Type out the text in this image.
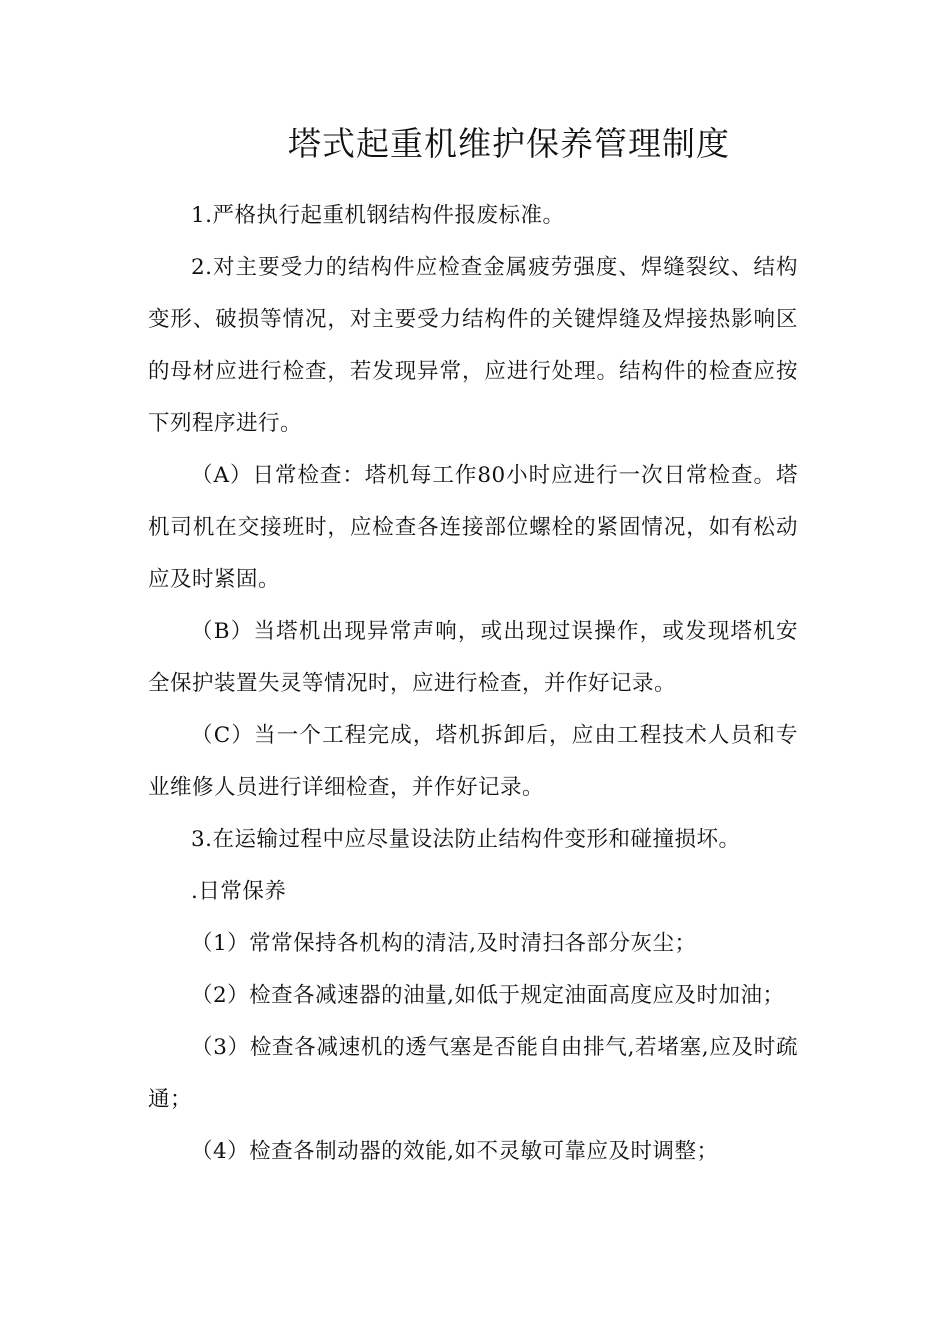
塔式起重机维护保养管理制度

1.严格执行起重机钢结构件报废标准。

2.对主要受力的结构件应检查金属疲劳强度、焊缝裂纹、结构变形、破损等情况，对主要受力结构件的关键焊缝及焊接热影响区的母材应进行检查，若发现异常，应进行处理。结构件的检查应按下列程序进行。

（A）日常检查：塔机每工作80小时应进行一次日常检查。塔机司机在交接班时，应检查各连接部位螺栓的紧固情况，如有松动应及时紧固。

（B）当塔机出现异常声响，或出现过误操作，或发现塔机安全保护装置失灵等情况时，应进行检查，并作好记录。

（C）当一个工程完成，塔机拆卸后，应由工程技术人员和专业维修人员进行详细检查，并作好记录。

3.在运输过程中应尽量设法防止结构件变形和碰撞损坏。

.日常保养

（1）常常保持各机构的清洁,及时清扫各部分灰尘；

（2）检查各减速器的油量,如低于规定油面高度应及时加油；

（3）检查各减速机的透气塞是否能自由排气,若堵塞,应及时疏通；

（4）检查各制动器的效能,如不灵敏可靠应及时调整；
